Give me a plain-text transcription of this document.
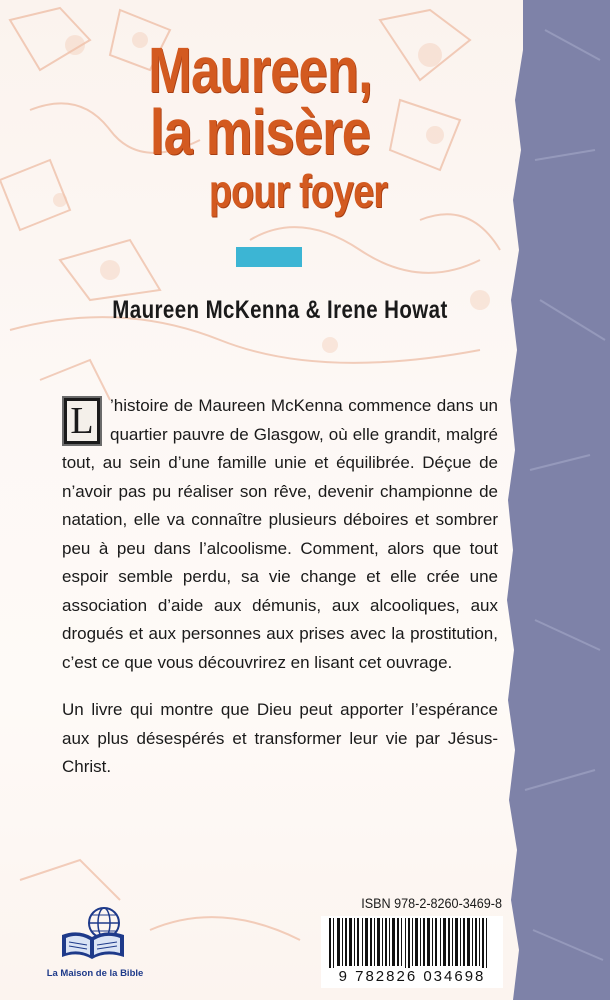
Maureen,
la misère
pour foyer
Maureen McKenna & Irene Howat

L ’histoire de Maureen McKenna commence dans un quartier pauvre de Glasgow, où elle grandit, malgré tout, au sein d’une famille unie et équilibrée. Déçue de n’avoir pas pu réaliser son rêve, devenir championne de natation, elle va connaître plusieurs déboires et sombrer peu à peu dans l’alcoolisme. Comment, alors que tout espoir semble perdu, sa vie change et elle crée une association d’aide aux démunis, aux alcooliques, aux drogués et aux personnes aux prises avec la prostitution, c’est ce que vous découvrirez en lisant cet ouvrage.

Un livre qui montre que Dieu peut apporter l’espérance aux plus désespérés et transformer leur vie par Jésus-Christ.

ISBN 978-2-8260-3469-8
9 782826 034698
La Maison de la Bible
